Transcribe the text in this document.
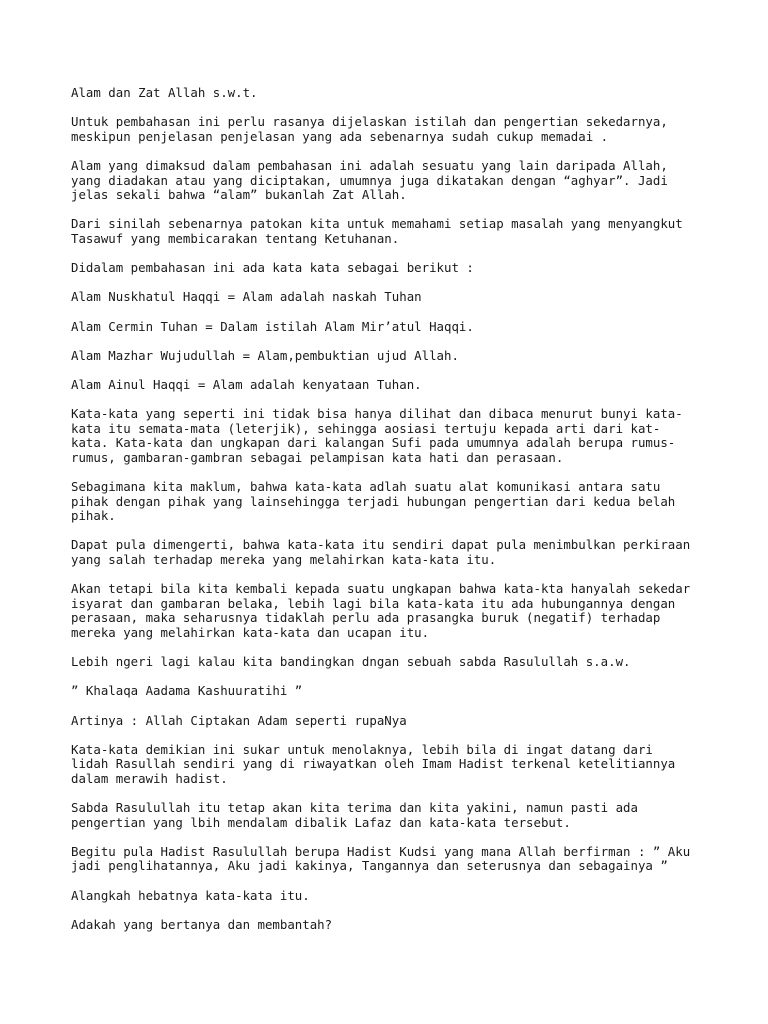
Alam dan Zat Allah s.w.t.

Untuk pembahasan ini perlu rasanya dijelaskan istilah dan pengertian sekedarnya,
meskipun penjelasan penjelasan yang ada sebenarnya sudah cukup memadai .

Alam yang dimaksud dalam pembahasan ini adalah sesuatu yang lain daripada Allah,
yang diadakan atau yang diciptakan, umumnya juga dikatakan dengan “aghyar”. Jadi
jelas sekali bahwa “alam” bukanlah Zat Allah.

Dari sinilah sebenarnya patokan kita untuk memahami setiap masalah yang menyangkut
Tasawuf yang membicarakan tentang Ketuhanan.

Didalam pembahasan ini ada kata kata sebagai berikut :

Alam Nuskhatul Haqqi = Alam adalah naskah Tuhan

Alam Cermin Tuhan = Dalam istilah Alam Mir’atul Haqqi.

Alam Mazhar Wujudullah = Alam,pembuktian ujud Allah.

Alam Ainul Haqqi = Alam adalah kenyataan Tuhan.

Kata-kata yang seperti ini tidak bisa hanya dilihat dan dibaca menurut bunyi kata-
kata itu semata-mata (leterjik), sehingga aosiasi tertuju kepada arti dari kat-
kata. Kata-kata dan ungkapan dari kalangan Sufi pada umumnya adalah berupa rumus-
rumus, gambaran-gambran sebagai pelampisan kata hati dan perasaan.

Sebagimana kita maklum, bahwa kata-kata adlah suatu alat komunikasi antara satu
pihak dengan pihak yang lainsehingga terjadi hubungan pengertian dari kedua belah
pihak.

Dapat pula dimengerti, bahwa kata-kata itu sendiri dapat pula menimbulkan perkiraan
yang salah terhadap mereka yang melahirkan kata-kata itu.

Akan tetapi bila kita kembali kepada suatu ungkapan bahwa kata-kta hanyalah sekedar
isyarat dan gambaran belaka, lebih lagi bila kata-kata itu ada hubungannya dengan
perasaan, maka seharusnya tidaklah perlu ada prasangka buruk (negatif) terhadap
mereka yang melahirkan kata-kata dan ucapan itu.

Lebih ngeri lagi kalau kita bandingkan dngan sebuah sabda Rasulullah s.a.w.

” Khalaqa Aadama Kashuuratihi ”

Artinya : Allah Ciptakan Adam seperti rupaNya

Kata-kata demikian ini sukar untuk menolaknya, lebih bila di ingat datang dari
lidah Rasullah sendiri yang di riwayatkan oleh Imam Hadist terkenal ketelitiannya
dalam merawih hadist.

Sabda Rasulullah itu tetap akan kita terima dan kita yakini, namun pasti ada
pengertian yang lbih mendalam dibalik Lafaz dan kata-kata tersebut.

Begitu pula Hadist Rasulullah berupa Hadist Kudsi yang mana Allah berfirman : ” Aku
jadi penglihatannya, Aku jadi kakinya, Tangannya dan seterusnya dan sebagainya ”

Alangkah hebatnya kata-kata itu.

Adakah yang bertanya dan membantah?
